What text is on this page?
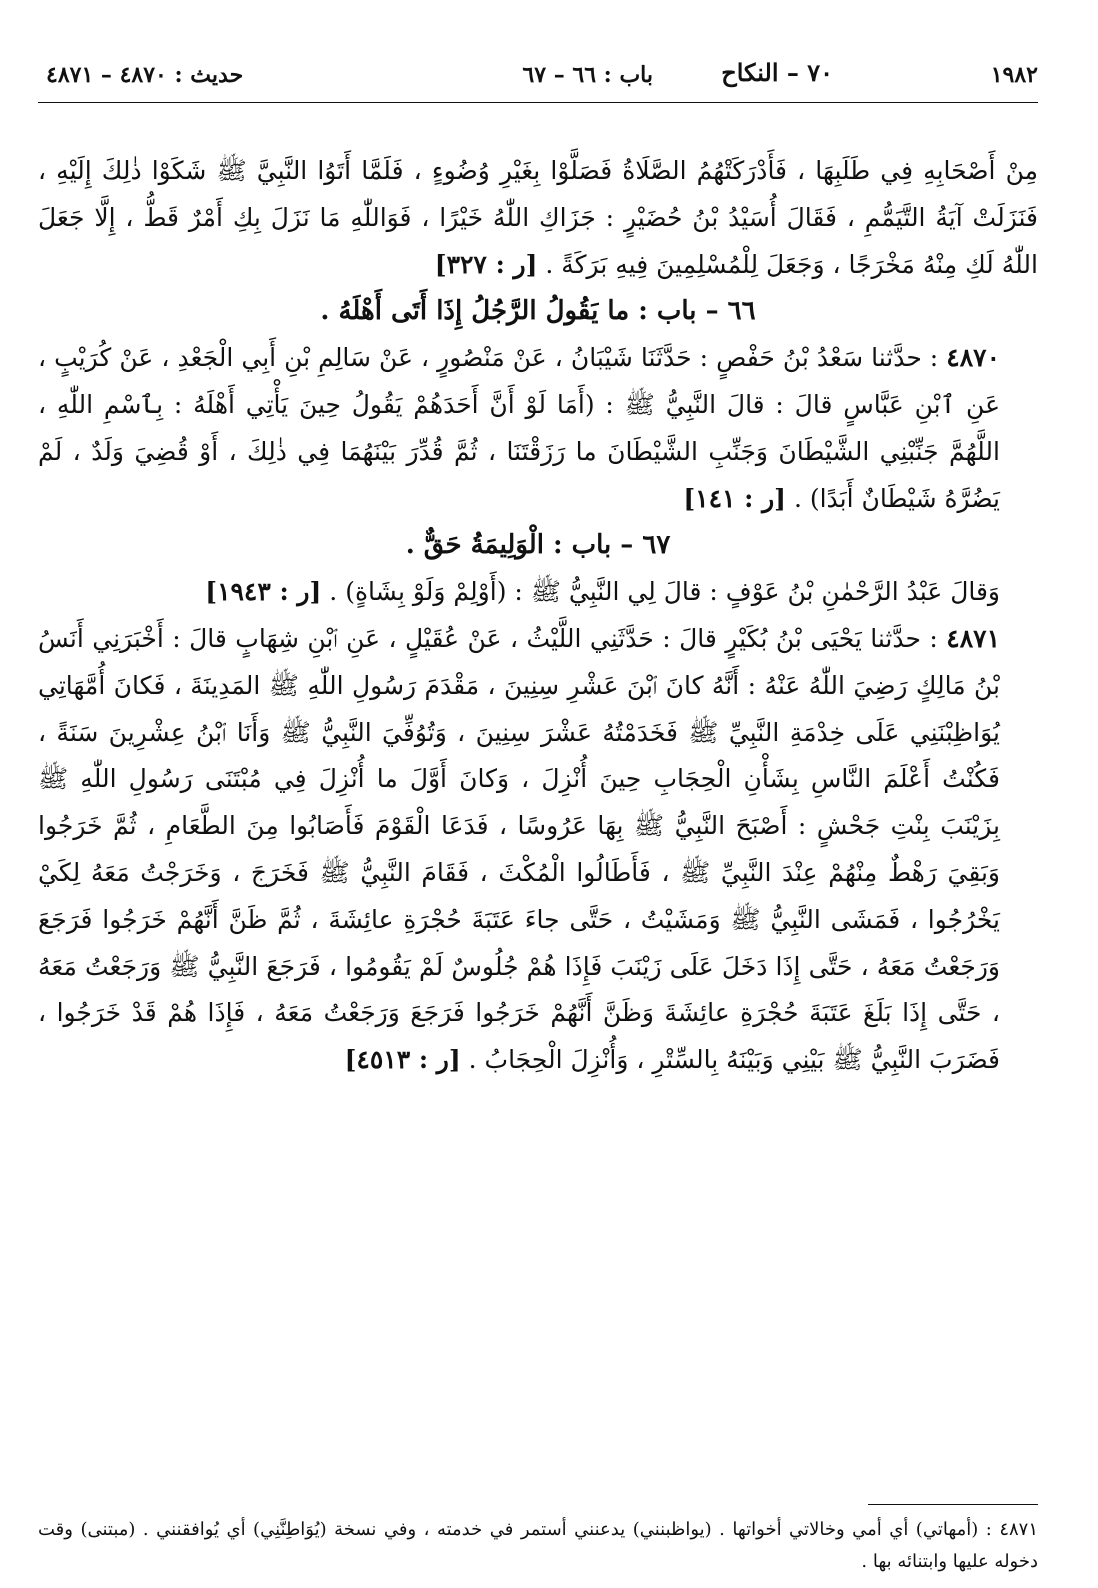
١٩٨٢
٧٠ – النكاح
باب : ٦٦ – ٦٧
حديث : ٤٨٧٠ – ٤٨٧١

مِنْ أَصْحَابِهِ فِي طَلَبِهَا ، فَأَدْرَكَتْهُمُ الصَّلَاةُ فَصَلَّوْا بِغَيْرِ وُضُوءٍ ، فَلَمَّا أَتَوُا النَّبِيَّ ﷺ شَكَوْا ذٰلِكَ إِلَيْهِ ، فَنَزَلَتْ آيَةُ التَّيَمُّمِ ، فَقَالَ أُسَيْدُ بْنُ حُضَيْرٍ : جَزَاكِ اللّٰهُ خَيْرًا ، فَوَاللّٰهِ مَا نَزَلَ بِكِ أَمْرٌ قَطُّ ، إِلَّا جَعَلَ اللّٰهُ لَكِ مِنْهُ مَخْرَجًا ، وَجَعَلَ لِلْمُسْلِمِينَ فِيهِ بَرَكَةً . [ر : ٣٢٧]

٦٦ – باب : ما يَقُولُ الرَّجُلُ إِذَا أَتَى أَهْلَهُ .

٤٨٧٠ : حدَّثنا سَعْدُ بْنُ حَفْصٍ : حَدَّثَنَا شَيْبَانُ ، عَنْ مَنْصُورٍ ، عَنْ سَالِمِ بْنِ أَبِي الْجَعْدِ ، عَنْ كُرَيْبٍ ، عَنِ ٱبْنِ عَبَّاسٍ قالَ : قالَ النَّبِيُّ ﷺ : (أَمَا لَوْ أَنَّ أَحَدَهُمْ يَقُولُ حِينَ يَأْتِي أَهْلَهُ : بِٱسْمِ اللّٰهِ ، اللَّهُمَّ جَنِّبْنِي الشَّيْطَانَ وَجَنِّبِ الشَّيْطَانَ ما رَزَقْتَنَا ، ثُمَّ قُدِّرَ بَيْنَهُمَا فِي ذٰلِكَ ، أَوْ قُضِيَ وَلَدٌ ، لَمْ يَضُرَّهُ شَيْطَانٌ أَبَدًا) . [ر : ١٤١]

٦٧ – باب : الْوَلِيمَةُ حَقٌّ .

وَقالَ عَبْدُ الرَّحْمٰنِ بْنُ عَوْفٍ : قالَ لِي النَّبِيُّ ﷺ : (أَوْلِمْ وَلَوْ بِشَاةٍ) . [ر : ١٩٤٣]

٤٨٧١ : حدَّثنا يَحْيَى بْنُ بُكَيْرٍ قالَ : حَدَّثَنِي اللَّيْثُ ، عَنْ عُقَيْلٍ ، عَنِ ٱبْنِ شِهَابٍ قالَ : أَخْبَرَنِي أَنَسُ بْنُ مَالِكٍ رَضِيَ اللّٰهُ عَنْهُ : أَنَّهُ كانَ ٱبْنَ عَشْرِ سِنِينَ ، مَقْدَمَ رَسُولِ اللّٰهِ ﷺ المَدِينَةَ ، فَكانَ أُمَّهَاتِي يُوَاظِبْنَنِي عَلَى خِدْمَةِ النَّبِيِّ ﷺ فَخَدَمْتُهُ عَشْرَ سِنِينَ ، وَتُوُفِّيَ النَّبِيُّ ﷺ وَأَنَا ٱبْنُ عِشْرِينَ سَنَةً ، فَكُنْتُ أَعْلَمَ النَّاسِ بِشَأْنِ الْحِجَابِ حِينَ أُنْزِلَ ، وَكانَ أَوَّلَ ما أُنْزِلَ فِي مُبْتَنَى رَسُولِ اللّٰهِ ﷺ بِزَيْنَبَ بِنْتِ جَحْشٍ : أَصْبَحَ النَّبِيُّ ﷺ بِهَا عَرُوسًا ، فَدَعَا الْقَوْمَ فَأَصَابُوا مِنَ الطَّعَامِ ، ثُمَّ خَرَجُوا وَبَقِيَ رَهْطٌ مِنْهُمْ عِنْدَ النَّبِيِّ ﷺ ، فَأَطَالُوا الْمُكْثَ ، فَقَامَ النَّبِيُّ ﷺ فَخَرَجَ ، وَخَرَجْتُ مَعَهُ لِكَيْ يَخْرُجُوا ، فَمَشَى النَّبِيُّ ﷺ وَمَشَيْتُ ، حَتَّى جاءَ عَتَبَةَ حُجْرَةِ عائِشَةَ ، ثُمَّ ظَنَّ أَنَّهُمْ خَرَجُوا فَرَجَعَ وَرَجَعْتُ مَعَهُ ، حَتَّى إِذَا دَخَلَ عَلَى زَيْنَبَ فَإِذَا هُمْ جُلُوسٌ لَمْ يَقُومُوا ، فَرَجَعَ النَّبِيُّ ﷺ وَرَجَعْتُ مَعَهُ ، حَتَّى إِذَا بَلَغَ عَتَبَةَ حُجْرَةِ عائِشَةَ وَظَنَّ أَنَّهُمْ خَرَجُوا فَرَجَعَ وَرَجَعْتُ مَعَهُ ، فَإِذَا هُمْ قَدْ خَرَجُوا ، فَضَرَبَ النَّبِيُّ ﷺ بَيْنِي وَبَيْنَهُ بِالسِّتْرِ ، وَأُنْزِلَ الْحِجَابُ . [ر : ٤٥١٣]

٤٨٧١ : (أمهاتي) أي أمي وخالاتي أخواتها . (يواظبنني) يدعنني أستمر في خدمته ، وفي نسخة (يُوَاطِنَّنِي) أي يُوافقنني . (مبتنى) وقت دخوله عليها وابتنائه بها .
